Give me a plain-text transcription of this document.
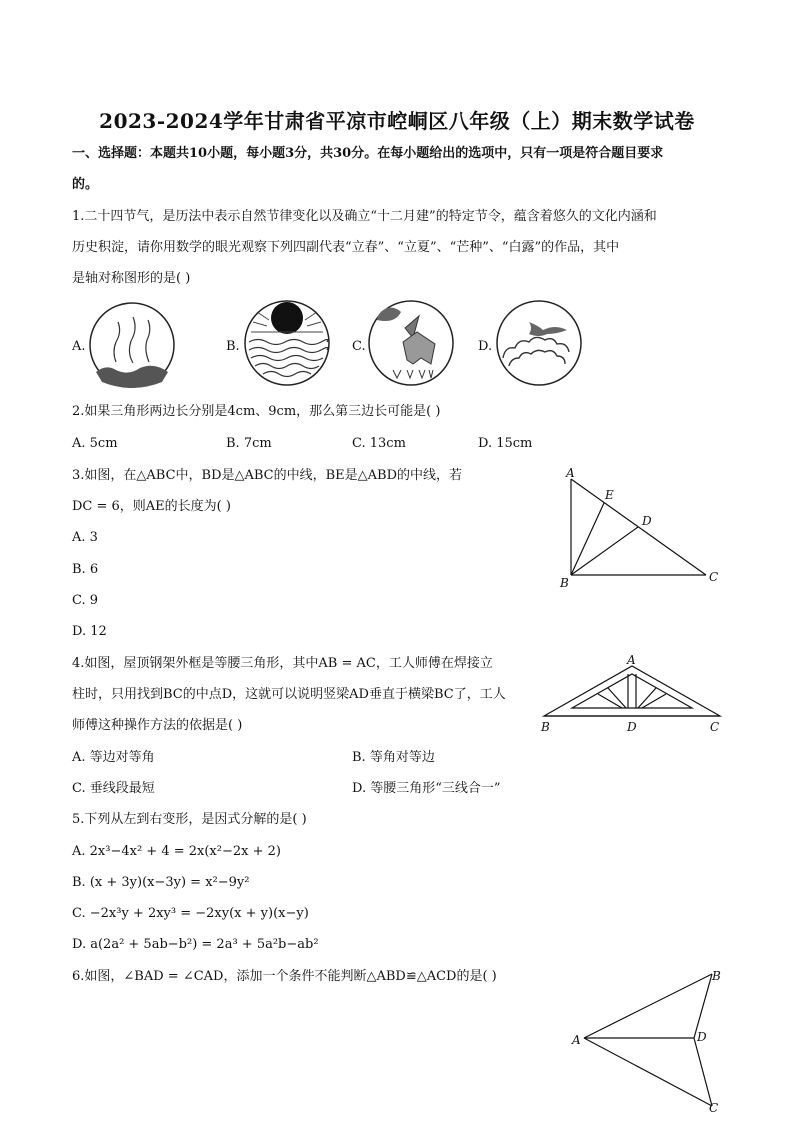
2023-2024学年甘肃省平凉市崆峒区八年级（上）期末数学试卷
一、选择题：本题共10小题，每小题3分，共30分。在每小题给出的选项中，只有一项是符合题目要求
的。
1.二十四节气，是历法中表示自然节律变化以及确立“十二月建”的特定节令，蕴含着悠久的文化内涵和
历史积淀，请你用数学的眼光观察下列四副代表“立春”、“立夏”、“芒种”、“白露”的作品，其中
是轴对称图形的是( )
A.	B.	C.	D.
2.如果三角形两边长分别是4cm、9cm，那么第三边长可能是( )
A. 5cm	B. 7cm	C. 13cm	D. 15cm
3.如图，在△ABC中，BD是△ABC的中线，BE是△ABD的中线，若
DC = 6，则AE的长度为( )
A. 3
B. 6
C. 9
D. 12
A
B	C
D
E
4.如图，屋顶钢架外框是等腰三角形，其中AB = AC，工人师傅在焊接立
柱时，只用找到BC的中点D，这就可以说明竖梁AD垂直于横梁BC了，工人
师傅这种操作方法的依据是( )
A. 等边对等角	B. 等角对等边
C. 垂线段最短	D. 等腰三角形“三线合一”
A
B	C
D
5.下列从左到右变形，是因式分解的是( )
A. 2x³−4x² + 4 = 2x(x²−2x + 2)
B. (x + 3y)(x−3y) = x²−9y²
C. −2x³y + 2xy³ = −2xy(x + y)(x−y)
D. a(2a² + 5ab−b²) = 2a³ + 5a²b−ab²
6.如图，∠BAD = ∠CAD，添加一个条件不能判断△ABD≌△ACD的是( )
A
B
C
D
